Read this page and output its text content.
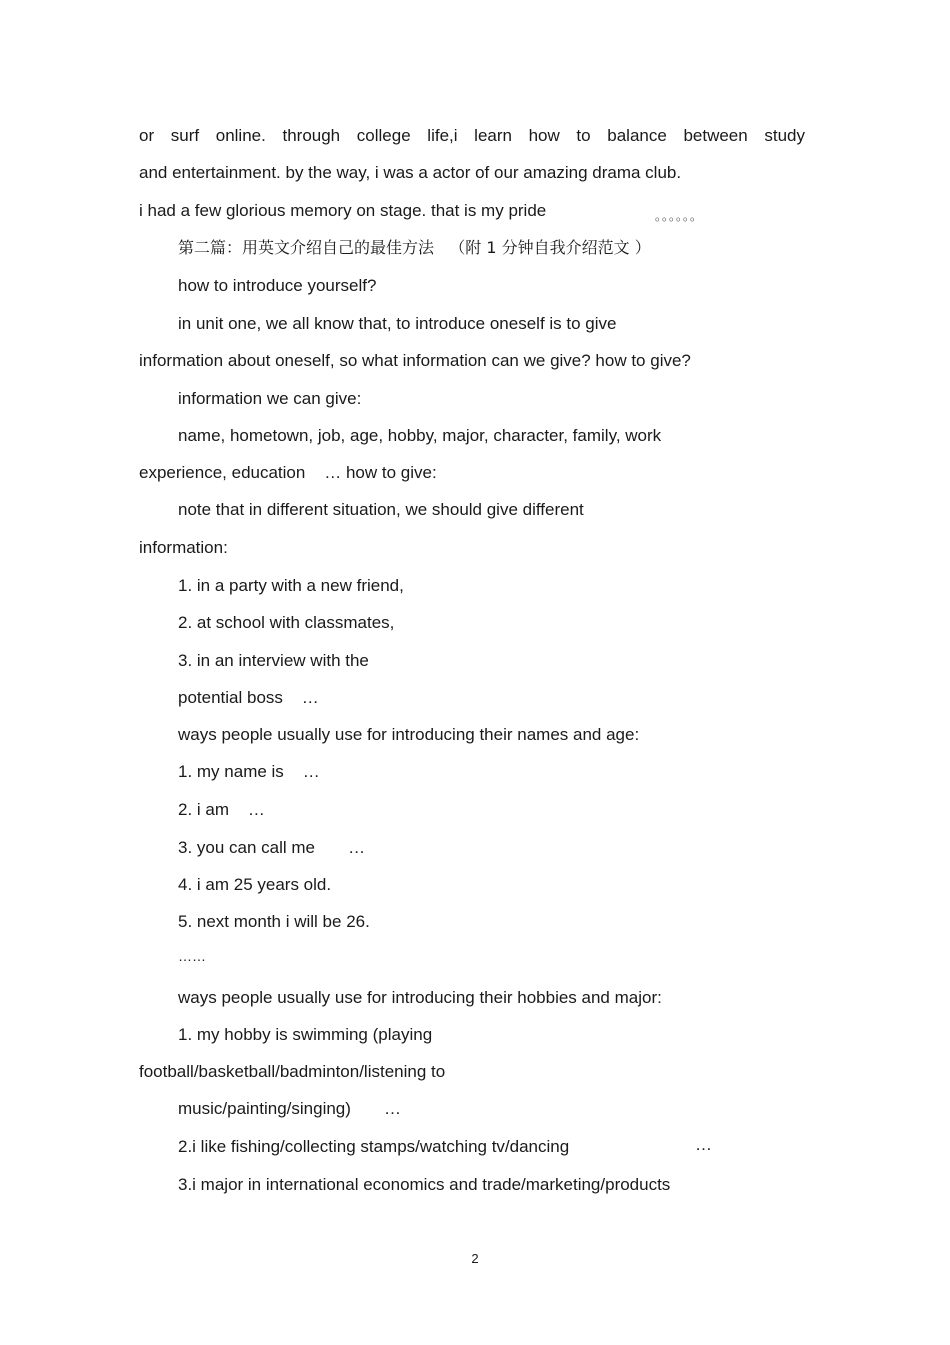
or surf online. through college life,i learn how to balance between study
and entertainment. by the way, i was a actor of our amazing drama club.
i had a few glorious memory on stage. that is my pride	。。。。。。
第二篇：用英文介绍自己的最佳方法   （附 1 分钟自我介绍范文 ）
how to introduce yourself?
in unit one, we all know that, to introduce oneself is to give
information about oneself, so what information can we give? how to give?
information we can give:
name, hometown, job, age, hobby, major, character, family, work
experience, education    … how to give:
note that in different situation, we should give different
information:
1. in a party with a new friend,
2. at school with classmates,
3. in an interview with the
potential boss    …
ways people usually use for introducing their names and age:
1. my name is    …
2. i am    …
3. you can call me       …
4. i am 25 years old.
5. next month i will be 26.
……
ways people usually use for introducing their hobbies and major:
1. my hobby is swimming (playing
football/basketball/badminton/listening to
music/painting/singing)       …
2.i like fishing/collecting stamps/watching tv/dancing	…
3.i major in international economics and trade/marketing/products
2
